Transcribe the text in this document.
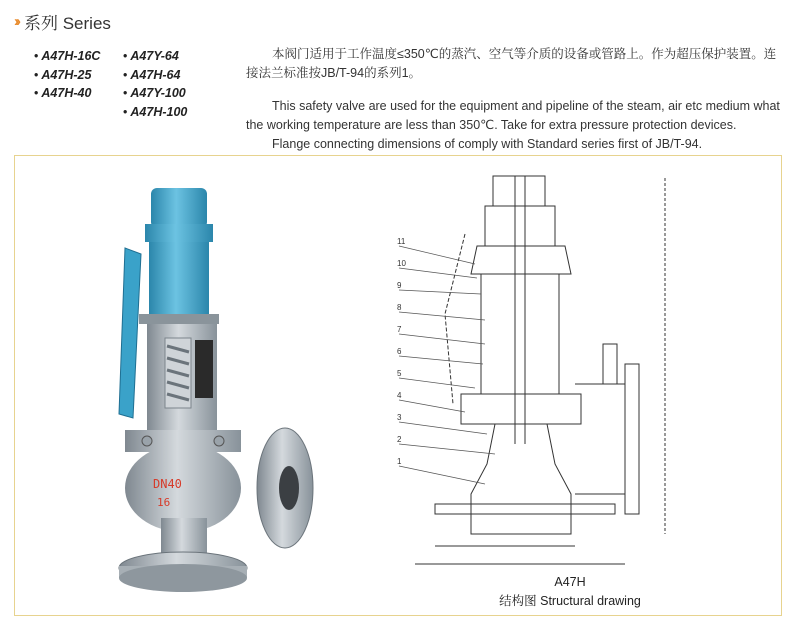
›› 系列 Series
• A47H-16C
• A47H-25
• A47H-40
• A47Y-64
• A47H-64
• A47Y-100
• A47H-100

本阀门适用于工作温度≤350℃的蒸汽、空气等介质的设备或管路上。作为超压保护装置。连接法兰标准按JB/T-94的系列1。

This safety valve are used for the equipment and pipeline of the steam, air etc medium what the working temperature are less than 350℃. Take for extra pressure protection devices.

Flange connecting dimensions of comply with Standard series first of JB/T-94.

DN40
16
11
10
9
8
7
6
5
4
3
2
1
A47H
结构图 Structural drawing
